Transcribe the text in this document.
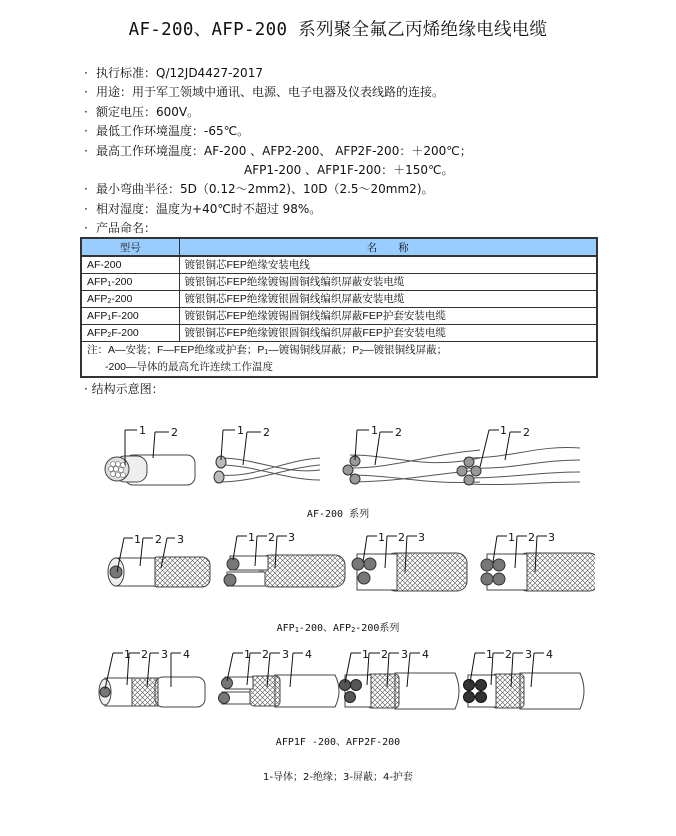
AF-200、AFP-200 系列聚全氟乙丙烯绝缘电线电缆
· 执行标准：Q/12JD4427-2017
· 用途：用于军工领域中通讯、电源、电子电器及仪表线路的连接。
· 额定电压：600V。
· 最低工作环境温度：-65℃。
· 最高工作环境温度：AF-200 、AFP2-200、 AFP2F-200：＋200℃；
AFP1-200 、AFP1F-200：＋150℃。
· 最小弯曲半径：5D（0.12～2mm2)、10D（2.5～20mm2)。
· 相对湿度：温度为+40℃时不超过 98%。
· 产品命名：
型号	名　　称
AF-200	镀银铜芯FEP绝缘安装电线
$AFP_1-200$	镀银铜芯FEP绝缘镀锡圆铜线编织屏蔽安装电缆
$AFP_2-200$	镀银铜芯FEP绝缘镀银圆铜线编织屏蔽安装电缆
$AFP_1F-200$	镀银铜芯FEP绝缘镀锡圆铜线编织屏蔽FEP护套安装电缆
$AFP_2F-200$	镀银铜芯FEP绝缘镀银圆铜线编织屏蔽FEP护套安装电缆
注：A—安装；F—FEP绝缘或护套；$P_1—$镀锡铜线屏蔽；$P_2—$镀银铜线屏蔽；
-200—导体的最高允许连续工作温度	
· 结构示意图：
1 2	1 2	1 2	1 2
AF-200 系列
1 2 3	1 2 3	1 2 3	1 2 3
$AFP_1-200$、$AFP_2-200$系列
1 2 3 4	1 2 3 4	1 2 3 4	1 2 3 4
AFP1F -200、AFP2F-200
1-导体；2-绝缘；3-屏蔽；4-护套
